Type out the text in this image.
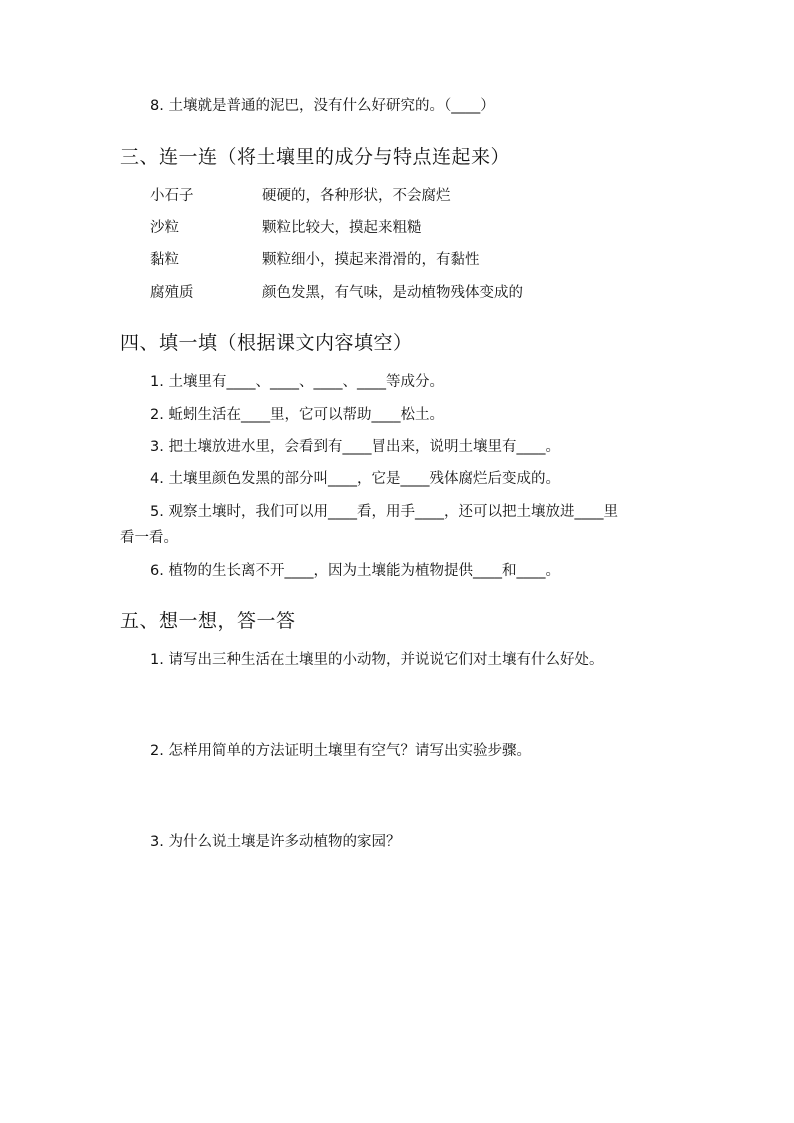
8. 土壤就是普通的泥巴，没有什么好研究的。（____）
三、连一连（将土壤里的成分与特点连起来）
小石子	硬硬的，各种形状，不会腐烂
沙粒	颗粒比较大，摸起来粗糙
黏粒	颗粒细小，摸起来滑滑的，有黏性
腐殖质	颜色发黑，有气味，是动植物残体变成的
四、填一填（根据课文内容填空）
1. 土壤里有____、____、____、____等成分。
2. 蚯蚓生活在____里，它可以帮助____松土。
3. 把土壤放进水里，会看到有____冒出来，说明土壤里有____。
4. 土壤里颜色发黑的部分叫____，它是____残体腐烂后变成的。
5. 观察土壤时，我们可以用____看，用手____，还可以把土壤放进____里
看一看。
6. 植物的生长离不开____，因为土壤能为植物提供____和____。
五、想一想，答一答
1. 请写出三种生活在土壤里的小动物，并说说它们对土壤有什么好处。
2. 怎样用简单的方法证明土壤里有空气？请写出实验步骤。
3. 为什么说土壤是许多动植物的家园？
